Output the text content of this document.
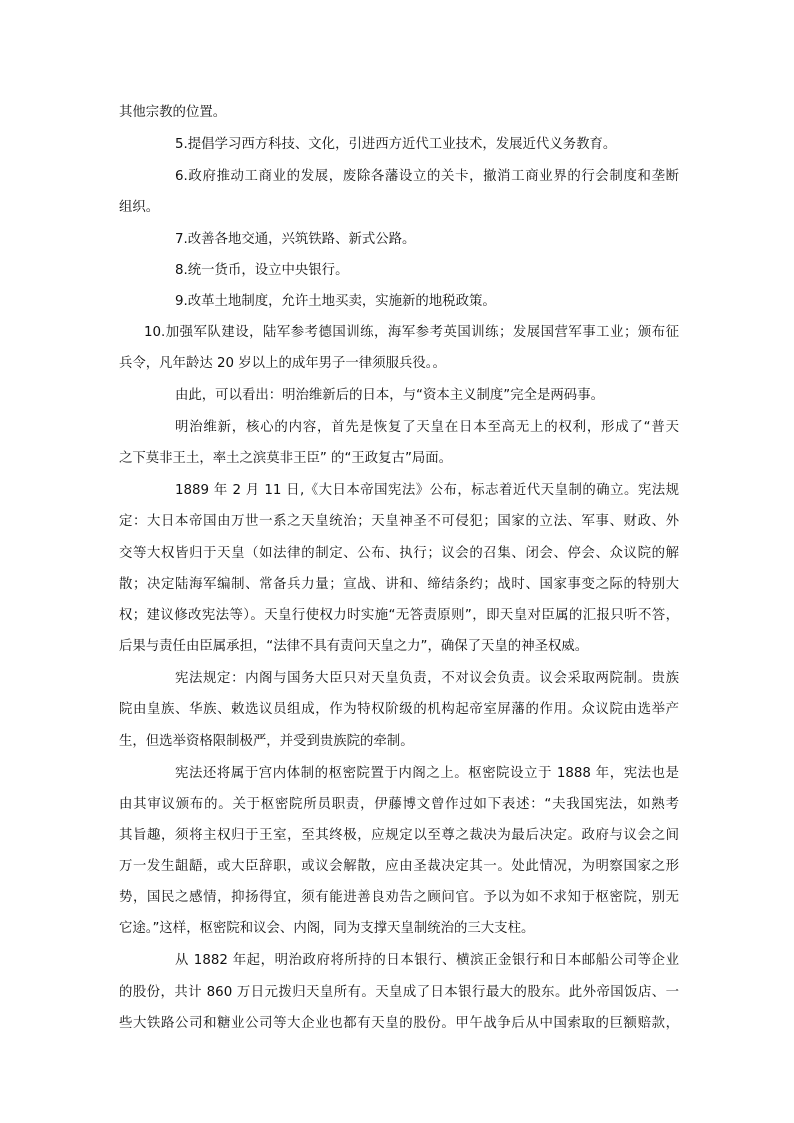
其他宗教的位置。
5.提倡学习西方科技、文化，引进西方近代工业技术，发展近代义务教育。
6.政府推动工商业的发展，废除各藩设立的关卡，撤消工商业界的行会制度和垄断
组织。
7.改善各地交通，兴筑铁路、新式公路。
8.统一货币，设立中央银行。
9.改革土地制度，允许土地买卖，实施新的地税政策。
10.加强军队建设，陆军参考德国训练，海军参考英国训练；发展国营军事工业；颁布征
兵令，凡年龄达 20 岁以上的成年男子一律须服兵役。。
由此，可以看出：明治维新后的日本，与“资本主义制度”完全是两码事。
明治维新，核心的内容，首先是恢复了天皇在日本至高无上的权利，形成了“普天
之下莫非王土，率土之滨莫非王臣” 的“王政复古”局面。
1889 年 2 月 11 日,《大日本帝国宪法》公布，标志着近代天皇制的确立。宪法规
定：大日本帝国由万世一系之天皇统治；天皇神圣不可侵犯；国家的立法、军事、财政、外
交等大权皆归于天皇（如法律的制定、公布、执行；议会的召集、闭会、停会、众议院的解
散；决定陆海军编制、常备兵力量；宣战、讲和、缔结条约；战时、国家事变之际的特别大
权；建议修改宪法等）。天皇行使权力时实施“无答责原则”，即天皇对臣属的汇报只听不答，
后果与责任由臣属承担，“法律不具有责问天皇之力”，确保了天皇的神圣权威。
宪法规定：内阁与国务大臣只对天皇负责，不对议会负责。议会采取两院制。贵族
院由皇族、华族、敕选议员组成，作为特权阶级的机构起帝室屏藩的作用。众议院由选举产
生，但选举资格限制极严，并受到贵族院的牵制。
宪法还将属于宫内体制的枢密院置于内阁之上。枢密院设立于 1888 年，宪法也是
由其审议颁布的。关于枢密院所员职责，伊藤博文曾作过如下表述：“夫我国宪法，如熟考
其旨趣，须将主权归于王室，至其终极，应规定以至尊之裁决为最后决定。政府与议会之间
万一发生龃龉，或大臣辞职，或议会解散，应由圣裁决定其一。处此情况，为明察国家之形
势，国民之感情，抑扬得宜，须有能进善良劝告之顾问官。予以为如不求知于枢密院，别无
它途。”这样，枢密院和议会、内阁，同为支撑天皇制统治的三大支柱。
从 1882 年起，明治政府将所持的日本银行、横滨正金银行和日本邮船公司等企业
的股份，共计 860 万日元拨归天皇所有。天皇成了日本银行最大的股东。此外帝国饭店、一
些大铁路公司和糖业公司等大企业也都有天皇的股份。甲午战争后从中国索取的巨额赔款，
